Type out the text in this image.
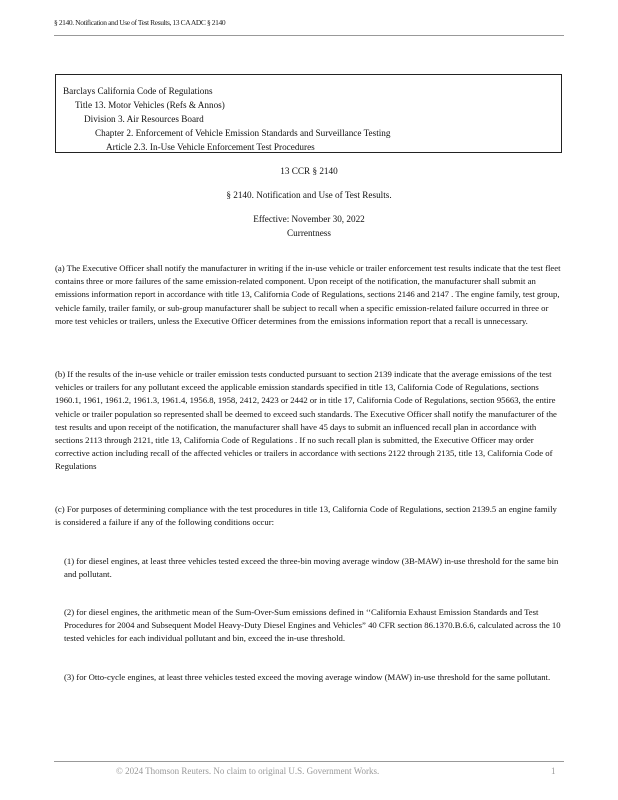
§ 2140. Notification and Use of Test Results, 13 CA ADC § 2140
Barclays California Code of Regulations
Title 13. Motor Vehicles (Refs & Annos)
Division 3. Air Resources Board
Chapter 2. Enforcement of Vehicle Emission Standards and Surveillance Testing
Article 2.3. In-Use Vehicle Enforcement Test Procedures
13 CCR § 2140
§ 2140. Notification and Use of Test Results.
Effective: November 30, 2022
Currentness
(a) The Executive Officer shall notify the manufacturer in writing if the in-use vehicle or trailer enforcement test results indicate that the test fleet contains three or more failures of the same emission-related component. Upon receipt of the notification, the manufacturer shall submit an emissions information report in accordance with title 13, California Code of Regulations, sections 2146 and 2147 . The engine family, test group, vehicle family, trailer family, or sub-group manufacturer shall be subject to recall when a specific emission-related failure occurred in three or more test vehicles or trailers, unless the Executive Officer determines from the emissions information report that a recall is unnecessary.
(b) If the results of the in-use vehicle or trailer emission tests conducted pursuant to section 2139 indicate that the average emissions of the test vehicles or trailers for any pollutant exceed the applicable emission standards specified in title 13, California Code of Regulations, sections 1960.1, 1961, 1961.2, 1961.3, 1961.4, 1956.8, 1958, 2412, 2423 or 2442 or in title 17, California Code of Regulations, section 95663, the entire vehicle or trailer population so represented shall be deemed to exceed such standards. The Executive Officer shall notify the manufacturer of the test results and upon receipt of the notification, the manufacturer shall have 45 days to submit an influenced recall plan in accordance with sections 2113 through 2121, title 13, California Code of Regulations . If no such recall plan is submitted, the Executive Officer may order corrective action including recall of the affected vehicles or trailers in accordance with sections 2122 through 2135, title 13, California Code of Regulations
(c) For purposes of determining compliance with the test procedures in title 13, California Code of Regulations, section 2139.5 an engine family is considered a failure if any of the following conditions occur:
(1) for diesel engines, at least three vehicles tested exceed the three-bin moving average window (3B-MAW) in-use threshold for the same bin and pollutant.
(2) for diesel engines, the arithmetic mean of the Sum-Over-Sum emissions defined in ‘‘California Exhaust Emission Standards and Test Procedures for 2004 and Subsequent Model Heavy-Duty Diesel Engines and Vehicles” 40 CFR section 86.1370.B.6.6, calculated across the 10 tested vehicles for each individual pollutant and bin, exceed the in-use threshold.
(3) for Otto-cycle engines, at least three vehicles tested exceed the moving average window (MAW) in-use threshold for the same pollutant.
© 2024 Thomson Reuters. No claim to original U.S. Government Works.	1
